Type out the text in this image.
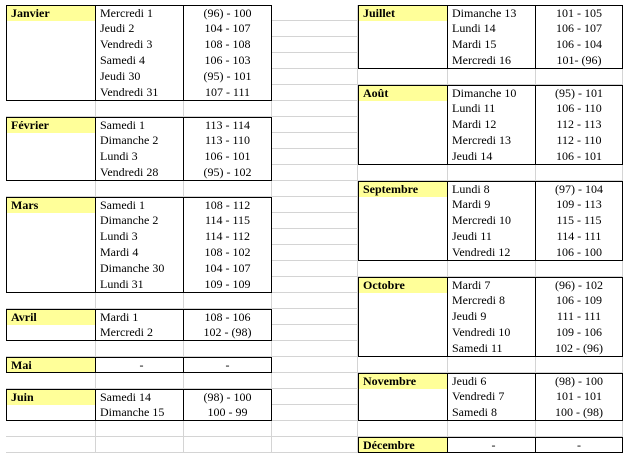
Janvier	Mercredi 1	(96) - 100
Jeudi 2	104 - 107
Vendredi 3	108 - 108
Samedi 4	106 - 103
Jeudi 30	(95) - 101
Vendredi 31	107 - 111
Février	Samedi 1	113 - 114
Dimanche 2	113 - 110
Lundi 3	106 - 101
Vendredi 28	(95) - 102
Mars	Samedi 1	108 - 112
Dimanche 2	114 - 115
Lundi 3	114 - 112
Mardi 4	108 - 102
Dimanche 30	104 - 107
Lundi 31	109 - 109
Avril	Mardi 1	108 - 106
Mercredi 2	102 - (98)
Mai	-	-
Juin	Samedi 14	(98) - 100
Dimanche 15	100 - 99
Juillet	Dimanche 13	101 - 105
Lundi 14	106 - 107
Mardi 15	106 - 104
Mercredi 16	101- (96)
Août	Dimanche 10	(95) - 101
Lundi 11	106 - 110
Mardi 12	112 - 113
Mercredi 13	112 - 110
Jeudi 14	106 - 101
Septembre	Lundi 8	(97) - 104
Mardi 9	109 - 113
Mercredi 10	115 - 115
Jeudi 11	114 - 111
Vendredi 12	106 - 100
Octobre	Mardi 7	(96) - 102
Mercredi 8	106 - 109
Jeudi 9	111 - 111
Vendredi 10	109 - 106
Samedi 11	102 - (96)
Novembre	Jeudi 6	(98) - 100
Vendredi 7	101 - 101
Samedi 8	100 - (98)
Décembre	-	-
